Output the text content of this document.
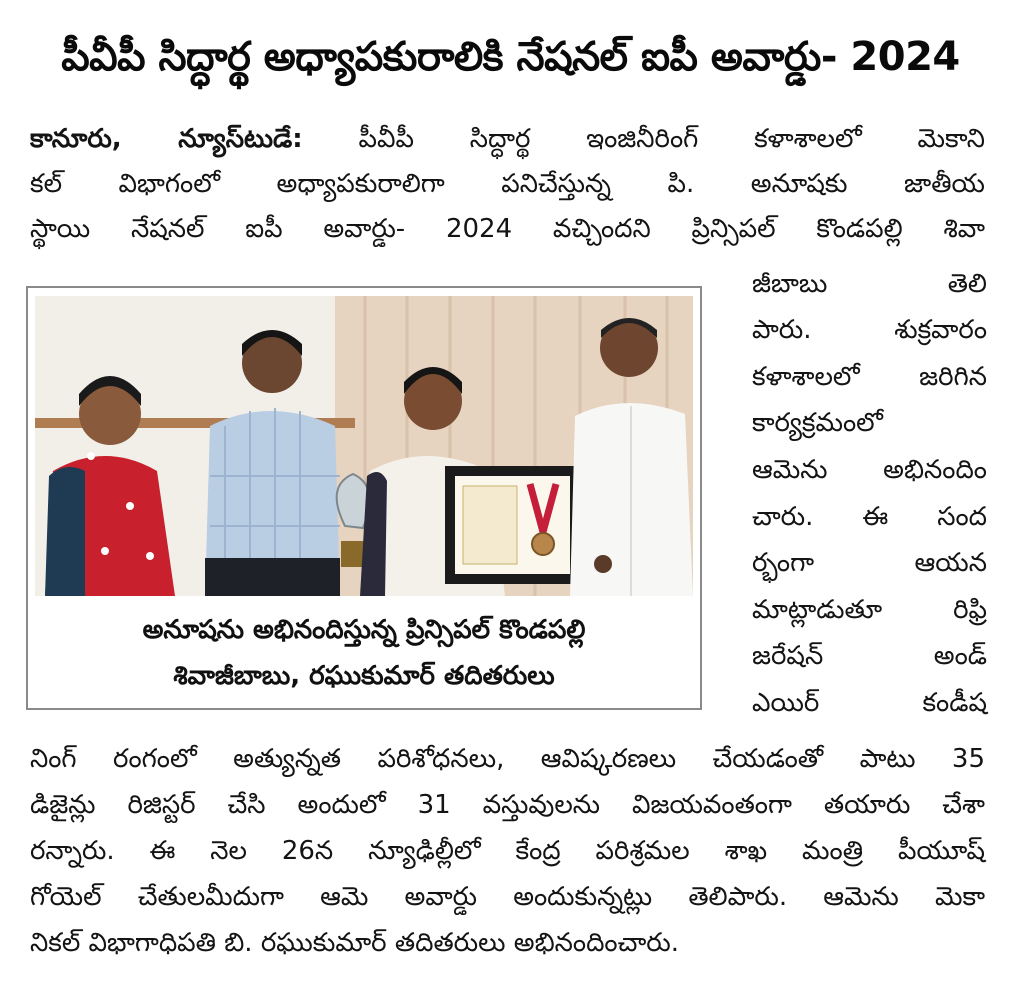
పీవీపీ సిద్ధార్థ అధ్యాపకురాలికి నేషనల్ ఐపీ అవార్డు- 2024
కానూరు, న్యూస్‌టుడే: పీవీపీ సిద్ధార్థ ఇంజినీరింగ్ కళాశాలలో మెకాని
కల్ విభాగంలో అధ్యాపకురాలిగా పనిచేస్తున్న పి. అనూషకు జాతీయ
స్థాయి నేషనల్ ఐపీ అవార్డు- 2024 వచ్చిందని ప్రిన్సిపల్ కొండపల్లి శివా
జీబాబు తెలి
పారు. శుక్రవారం
కళాశాలలో జరిగిన
కార్యక్రమంలో
ఆమెను అభినందిం
చారు. ఈ సంద
ర్భంగా ఆయన
మాట్లాడుతూ రిఫ్రి
జరేషన్ అండ్
ఎయిర్ కండీష
అనూషను అభినందిస్తున్న ప్రిన్సిపల్ కొండపల్లి
శివాజీబాబు, రఘుకుమార్ తదితరులు
నింగ్ రంగంలో అత్యున్నత పరిశోధనలు, ఆవిష్కరణలు చేయడంతో పాటు 35
డిజైన్లు రిజిస్టర్ చేసి అందులో 31 వస్తువులను విజయవంతంగా తయారు చేశా
రన్నారు. ఈ నెల 26న న్యూఢిల్లీలో కేంద్ర పరిశ్రమల శాఖ మంత్రి పీయూష్
గోయెల్ చేతులమీదుగా ఆమె అవార్డు అందుకున్నట్లు తెలిపారు. ఆమెను మెకా
నికల్ విభాగాధిపతి బి. రఘుకుమార్ తదితరులు అభినందించారు.
